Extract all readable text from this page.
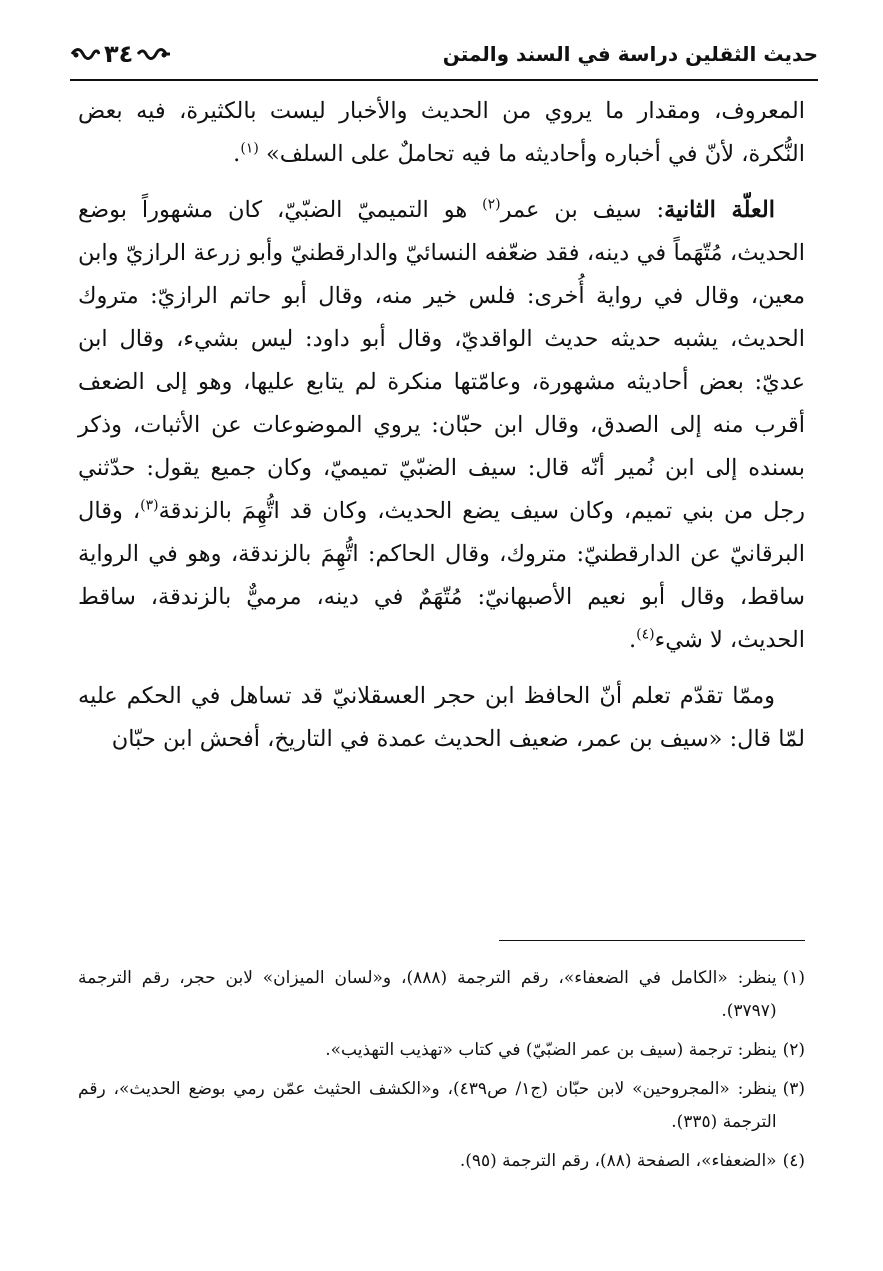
حديث الثقلين دراسة في السند والمتن
٣٤

المعروف، ومقدار ما يروي من الحديث والأخبار ليست بالكثيرة، فيه بعض النُّكرة، لأنّ في أخباره وأحاديثه ما فيه تحاملٌ على السلف» $^{(١)}$.

العلّة الثانية: سيف بن عمر$^{(٢)}$ هو التميميّ الضبّيّ، كان مشهوراً بوضع الحديث، مُتّهَماً في دينه، فقد ضعّفه النسائيّ والدارقطنيّ وأبو زرعة الرازيّ وابن معين، وقال في رواية أُخرى: فلس خير منه، وقال أبو حاتم الرازيّ: متروك الحديث، يشبه حديثه حديث الواقديّ، وقال أبو داود: ليس بشيء، وقال ابن عديّ: بعض أحاديثه مشهورة، وعامّتها منكرة لم يتابع عليها، وهو إلى الضعف أقرب منه إلى الصدق، وقال ابن حبّان: يروي الموضوعات عن الأثبات، وذكر بسنده إلى ابن نُمير أنّه قال: سيف الضبّيّ تميميّ، وكان جميع يقول: حدّثني رجل من بني تميم، وكان سيف يضع الحديث، وكان قد اتُّهِمَ بالزندقة$^{(٣)}$، وقال البرقانيّ عن الدارقطنيّ: متروك، وقال الحاكم: اتُّهِمَ بالزندقة، وهو في الرواية ساقط، وقال أبو نعيم الأصبهانيّ: مُتّهَمٌ في دينه، مرميٌّ بالزندقة، ساقط الحديث، لا شيء$^{(٤)}$.

وممّا تقدّم تعلم أنّ الحافظ ابن حجر العسقلانيّ قد تساهل في الحكم عليه لمّا قال: «سيف بن عمر، ضعيف الحديث عمدة في التاريخ، أفحش ابن حبّان

(١)
ينظر: «الكامل في الضعفاء»، رقم الترجمة (٨٨٨)، و«لسان الميزان» لابن حجر، رقم الترجمة (٣٧٩٧).
(٢)
ينظر: ترجمة (سيف بن عمر الضبّيّ) في كتاب «تهذيب التهذيب».
(٣)
ينظر: «المجروحين» لابن حبّان (ج١/ ص٤٣٩)، و«الكشف الحثيث عمّن رمي بوضع الحديث»، رقم الترجمة (٣٣٥).
(٤)
«الضعفاء»، الصفحة (٨٨)، رقم الترجمة (٩٥).
